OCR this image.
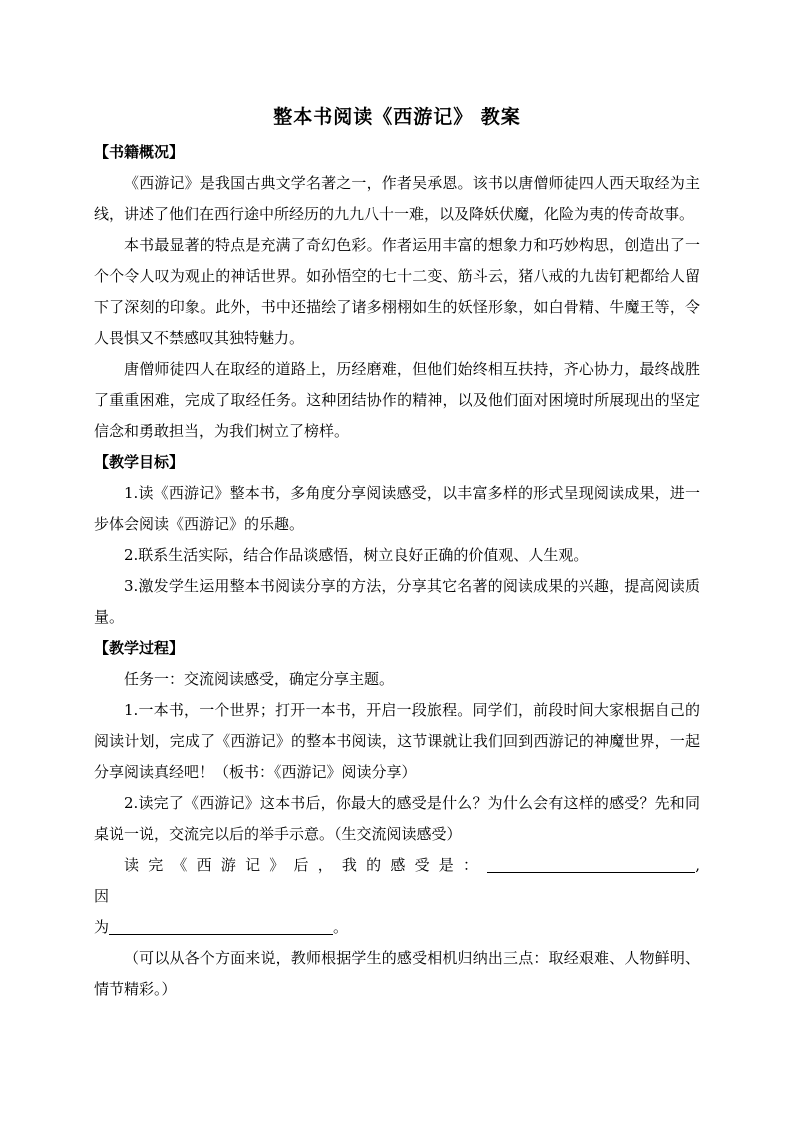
整本书阅读《西游记》 教案
【书籍概况】

《西游记》是我国古典文学名著之一，作者吴承恩。该书以唐僧师徒四人西天取经为主线，讲述了他们在西行途中所经历的九九八十一难，以及降妖伏魔，化险为夷的传奇故事。

本书最显著的特点是充满了奇幻色彩。作者运用丰富的想象力和巧妙构思，创造出了一个个令人叹为观止的神话世界。如孙悟空的七十二变、筋斗云，猪八戒的九齿钉耙都给人留下了深刻的印象。此外，书中还描绘了诸多栩栩如生的妖怪形象，如白骨精、牛魔王等，令人畏惧又不禁感叹其独特魅力。

唐僧师徒四人在取经的道路上，历经磨难，但他们始终相互扶持，齐心协力，最终战胜了重重困难，完成了取经任务。这种团结协作的精神，以及他们面对困境时所展现出的坚定信念和勇敢担当，为我们树立了榜样。

【教学目标】

1.读《西游记》整本书，多角度分享阅读感受，以丰富多样的形式呈现阅读成果，进一步体会阅读《西游记》的乐趣。

2.联系生活实际，结合作品谈感悟，树立良好正确的价值观、人生观。

3.激发学生运用整本书阅读分享的方法，分享其它名著的阅读成果的兴趣，提高阅读质量。

【教学过程】

任务一：交流阅读感受，确定分享主题。

1.一本书，一个世界；打开一本书，开启一段旅程。同学们，前段时间大家根据自己的阅读计划，完成了《西游记》的整本书阅读，这节课就让我们回到西游记的神魔世界，一起分享阅读真经吧！（板书：《西游记》阅读分享）

2.读完了《西游记》这本书后，你最大的感受是什么？为什么会有这样的感受？先和同桌说一说，交流完以后的举手示意。（生交流阅读感受）

读完《西游记》后，我的感受是：	,因
为	。

（可以从各个方面来说，教师根据学生的感受相机归纳出三点：取经艰难、人物鲜明、情节精彩。）
